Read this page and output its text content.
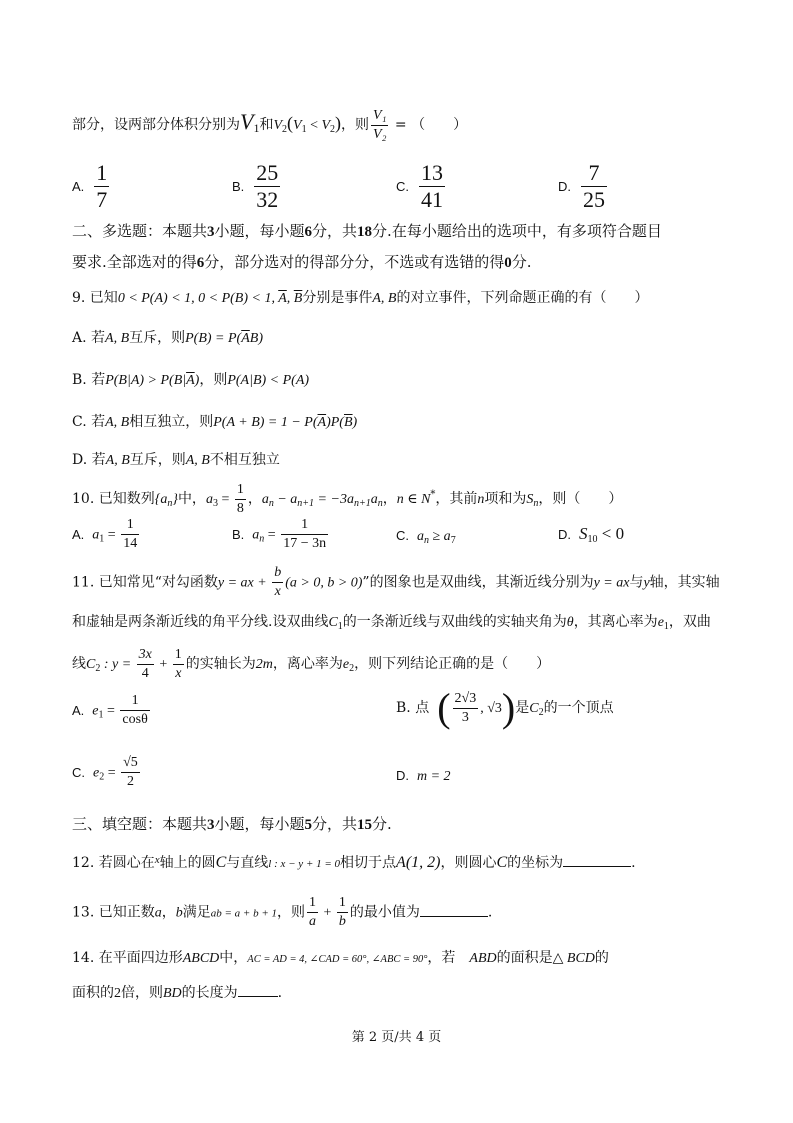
部分，设两部分体积分别为$V_1$和$V_2(V_1 < V_2)$，则 $\frac{\text{V₁}}{\text{V₂}}$ = （　　）
A. $\frac{1}{7}$	B. $\frac{25}{32}$	C. $\frac{13}{41}$	D. $\frac{7}{25}$
二、多选题：本题共3小题，每小题6分，共18分.在每小题给出的选项中，有多项符合题目
要求.全部选对的得6分，部分选对的得部分分，不选或有选错的得0分.
9. 已知0 < P(A) < 1, 0 < P(B) < 1, $\overline{A}$, $\overline{B}$分别是事件A, B的对立事件，下列命题正确的有（　　）
A. 若A, B互斥，则$P(B) = P(\overline{A}B)$
B. 若$P(B|A) > P(B|\overline{A})$，则P(A|B) < P(A)
C. 若A, B相互独立，则$P(A + B) = 1 - P(\overline{A})P(\overline{B})$
D. 若A, B互斥，则A, B不相互独立
10. 已知数列$\{a_n\}$中，$a_3 = \frac{1}{8}$ ，$a_n - a_{n+1} = -3a_{n+1}a_n$，n ∈ N*，其前n项和为$S_n$，则（　　）
A. $a_1 = \frac{1}{14}$	B. $a_n = \frac{1}{17 - 3n}$	C. $a_n \ge a_7$	D. $S_{10} < 0$
11. 已知常见“对勾函数y = ax + $\frac{b}{x} (a > 0$, b > 0)”的图象也是双曲线，其渐近线分别为y = ax与y轴，其实轴
和虚轴是两条渐近线的角平分线.设双曲线$C_1$的一条渐近线与双曲线的实轴夹角为θ，其离心率为$e_1$，双曲
线$C_2$ : $y = \frac{3x}{4} + \frac{1}{x}$ 的实轴长为2m，离心率为$e_2$，则下列结论正确的是（　　）
A. $e_1 = \frac{1}{\cos\theta}$	B. 点 ( $\frac{2√3}{3}$ , √3)是$C_2$的一个顶点
C. $e_2 = \frac{√5}{2}$	D. m = 2
三、填空题：本题共3小题，每小题5分，共15分.
12. 若圆心在$^x$轴上的圆C与直线l : x − y + 1 = 0相切于点A(1, 2)，则圆心C的坐标为	.
13. 已知正数a，b满足ab = a + b + 1，则 $\frac{1}{a} + \frac{1}{b}$ 的最小值为	.
14. 在平面四边形ABCD中，AC = AD = 4, ∠CAD = 60°, ∠ABC = 90°，若　ABD的面积是△ BCD的
面积的2倍，则BD的长度为	.
第 2 页/共 4 页
